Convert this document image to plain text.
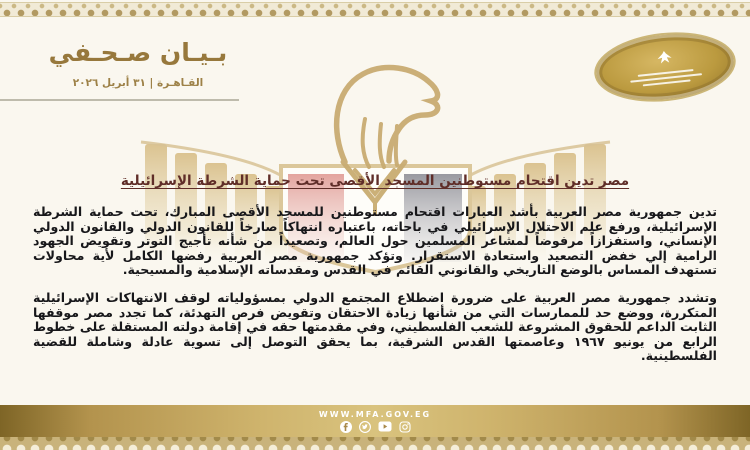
بـيـان صـحـفي
القـاهـرة | ٣١ أبريل ٢٠٢٦
مصر تدين اقتحام مستوطنين المسجد الأقصى تحت حماية الشرطة الإسرائيلية

تدين جمهورية مصر العربية بأشد العبارات اقتحام مستوطنين للمسجد الأقصى المبارك، تحت حماية الشرطة الإسرائيلية، ورفع علم الاحتلال الإسرائيلي في باحاته، باعتباره انتهاكاً صارخاً للقانون الدولي والقانون الدولي الإنساني، واستفزازاً مرفوضاً لمشاعر المسلمين حول العالم، وتصعيداً من شأنه تأجيج التوتر وتقويض الجهود الرامية إلي خفض التصعيد واستعادة الاستقرار. وتؤكد جمهورية مصر العربية رفضها الكامل لأية محاولات تستهدف المساس بالوضع التاريخي والقانوني القائم في القدس ومقدساته الإسلامية والمسيحية.

وتشدد جمهورية مصر العربية على ضرورة اضطلاع المجتمع الدولي بمسؤولياته لوقف الانتهاكات الإسرائيلية المتكررة، ووضع حد للممارسات التي من شأنها زيادة الاحتقان وتقويض فرص التهدئة، كما تجدد مصر موقفها الثابت الداعم للحقوق المشروعة للشعب الفلسطيني، وفي مقدمتها حقه في إقامة دولته المستقلة على خطوط الرابع من يونيو ١٩٦٧ وعاصمتها القدس الشرقية، بما يحقق التوصل إلى تسوية عادلة وشاملة للقضية الفلسطينية.

WWW.MFA.GOV.EG
